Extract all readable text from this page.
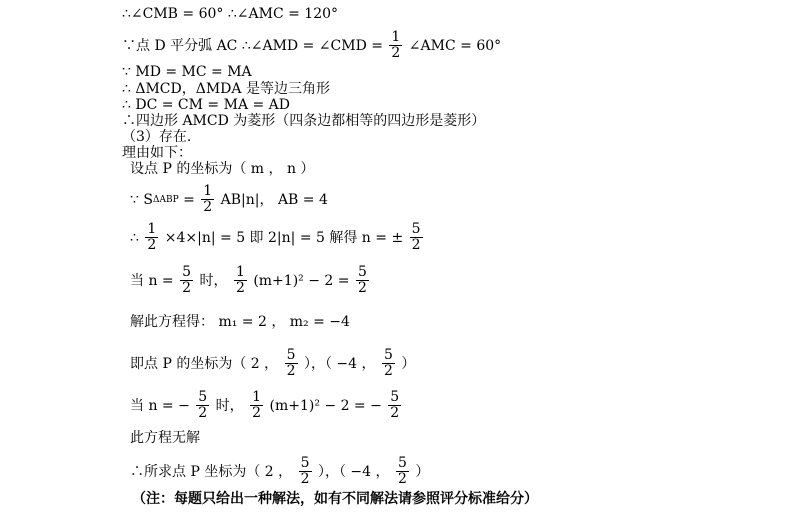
∴∠CMB = 60° ∴∠AMC = 120°
∵点 D 平分弧 AC ∴∠AMD = ∠CMD = $\frac{1}{2}$ ∠AMC = 60°
∵ MD = MC = MA
∴ ΔMCD，ΔMDA 是等边三角形
∴ DC = CM = MA = AD
∴四边形 AMCD 为菱形（四条边都相等的四边形是菱形）
（3）存在.
理由如下：
设点 P 的坐标为（ m ， n ）
∵ $S\Delta ABP = \frac{1}{2} AB|n|$， AB = 4
∴ $\frac{1}{2} \times 4\times|n| = 5$ 即 2|n| = 5 解得 n = ± $\frac{5}{2}$
当 $n = \frac{5}{2}$ 时， $\frac{1}{2} (m+1)^2 - 2 = \frac{5}{2}$
解此方程得： m₁ = 2 ， m₂ = −4
即点 P 的坐标为（ 2 ， $\frac{5}{2}$ ），（ −4 ， $\frac{5}{2}$ ）
当 n = − $\frac{5}{2}$ 时， $\frac{1}{2} (m+1)^2 - 2$ = − $\frac{5}{2}$
此方程无解
∴所求点 P 坐标为（ 2 ， $\frac{5}{2}$ ），（ −4 ， $\frac{5}{2}$ ）
（注：每题只给出一种解法，如有不同解法请参照评分标准给分）
